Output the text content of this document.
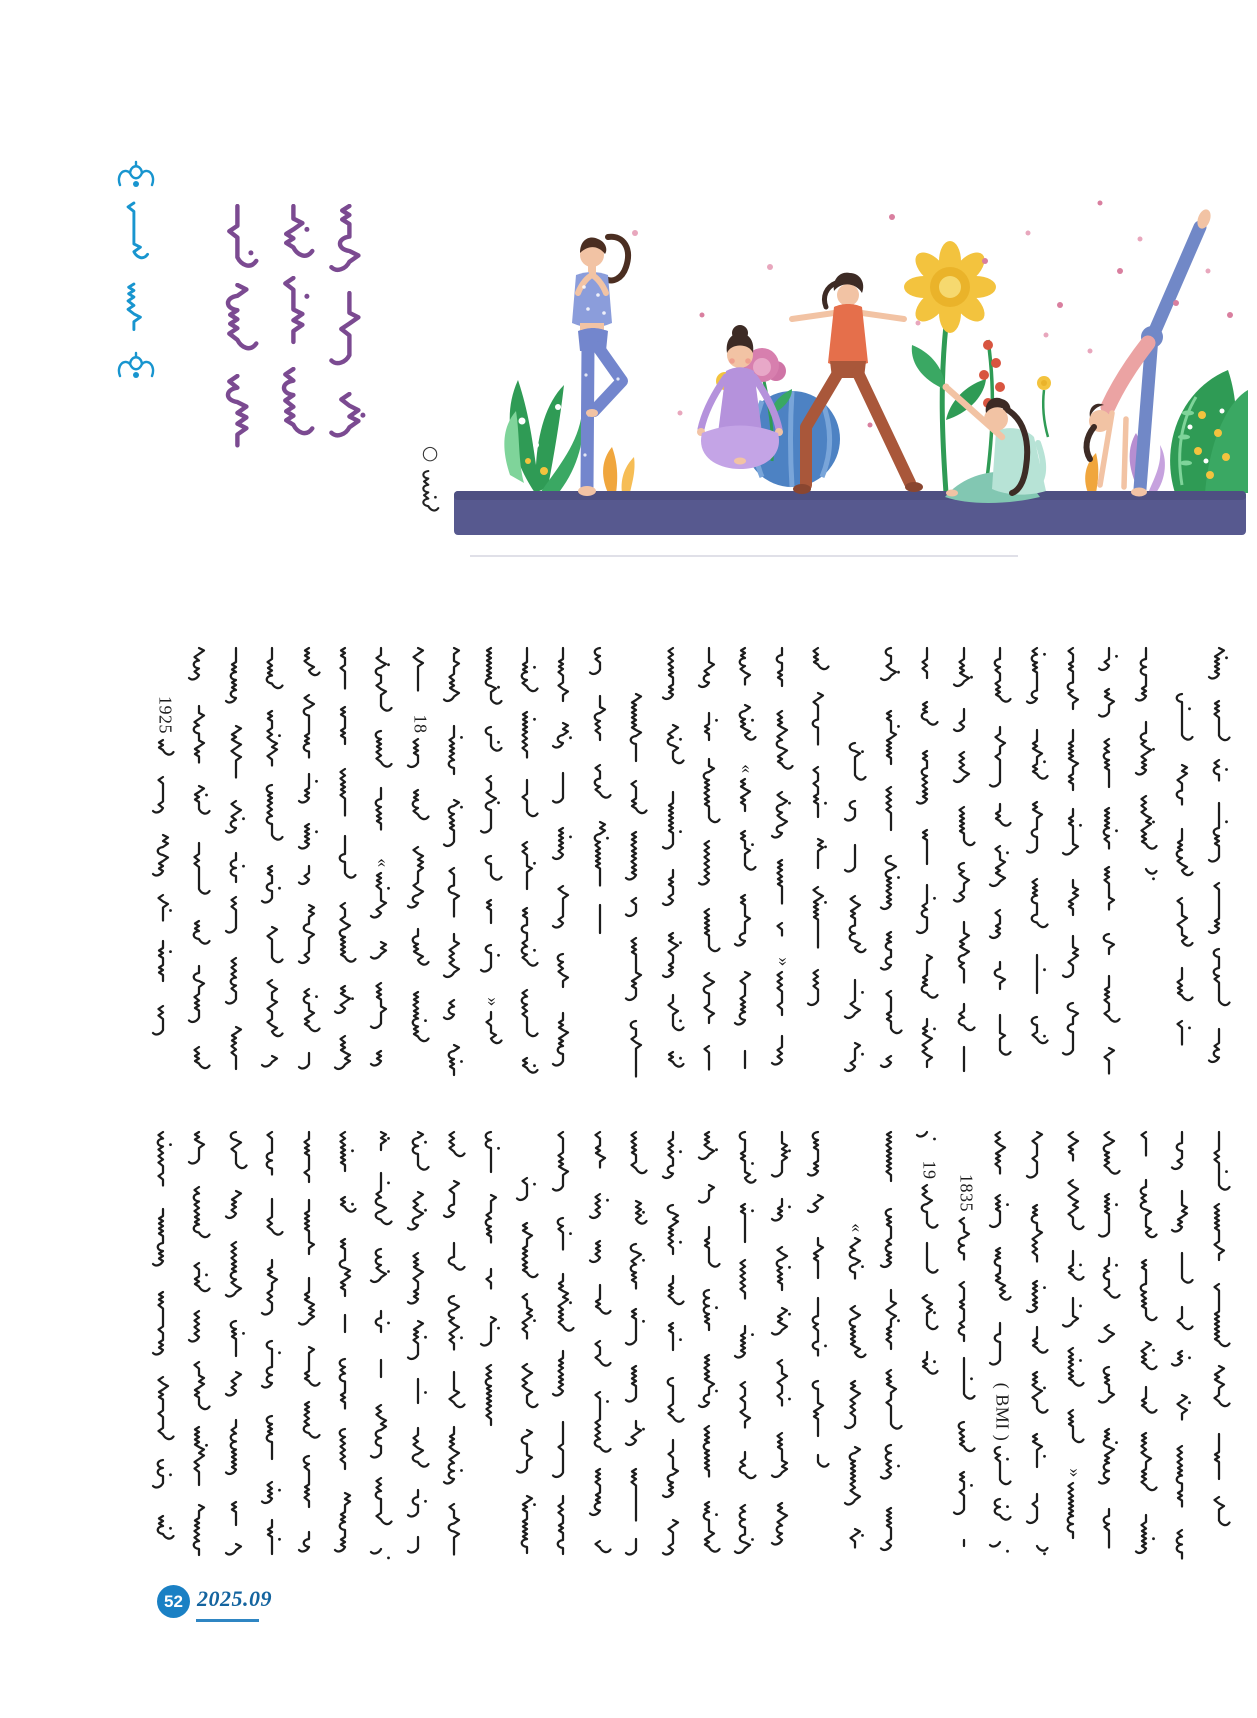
○
1925
«
18
»
«
»
«
19
1835
( BMI )
»
52 2025.09
